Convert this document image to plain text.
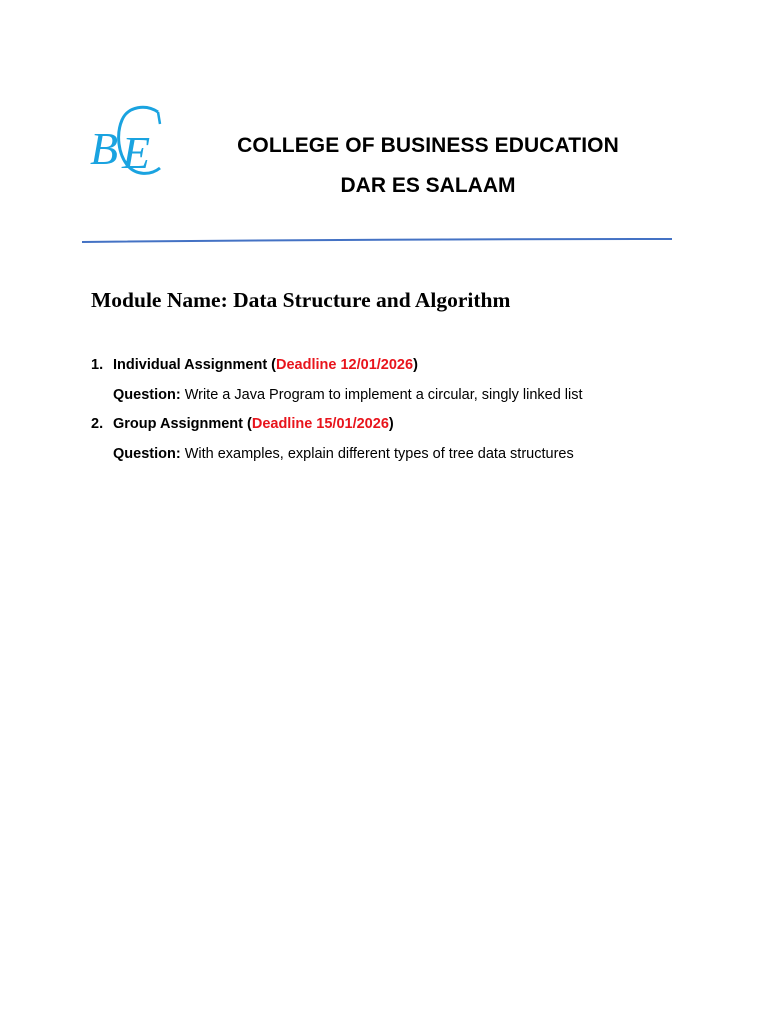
B E	COLLEGE OF BUSINESS EDUCATION
DAR ES SALAAM
Module Name: Data Structure and Algorithm
1. Individual Assignment (Deadline 12/01/2026)
Question: Write a Java Program to implement a circular, singly linked list
2. Group Assignment (Deadline 15/01/2026)
Question: With examples, explain different types of tree data structures
